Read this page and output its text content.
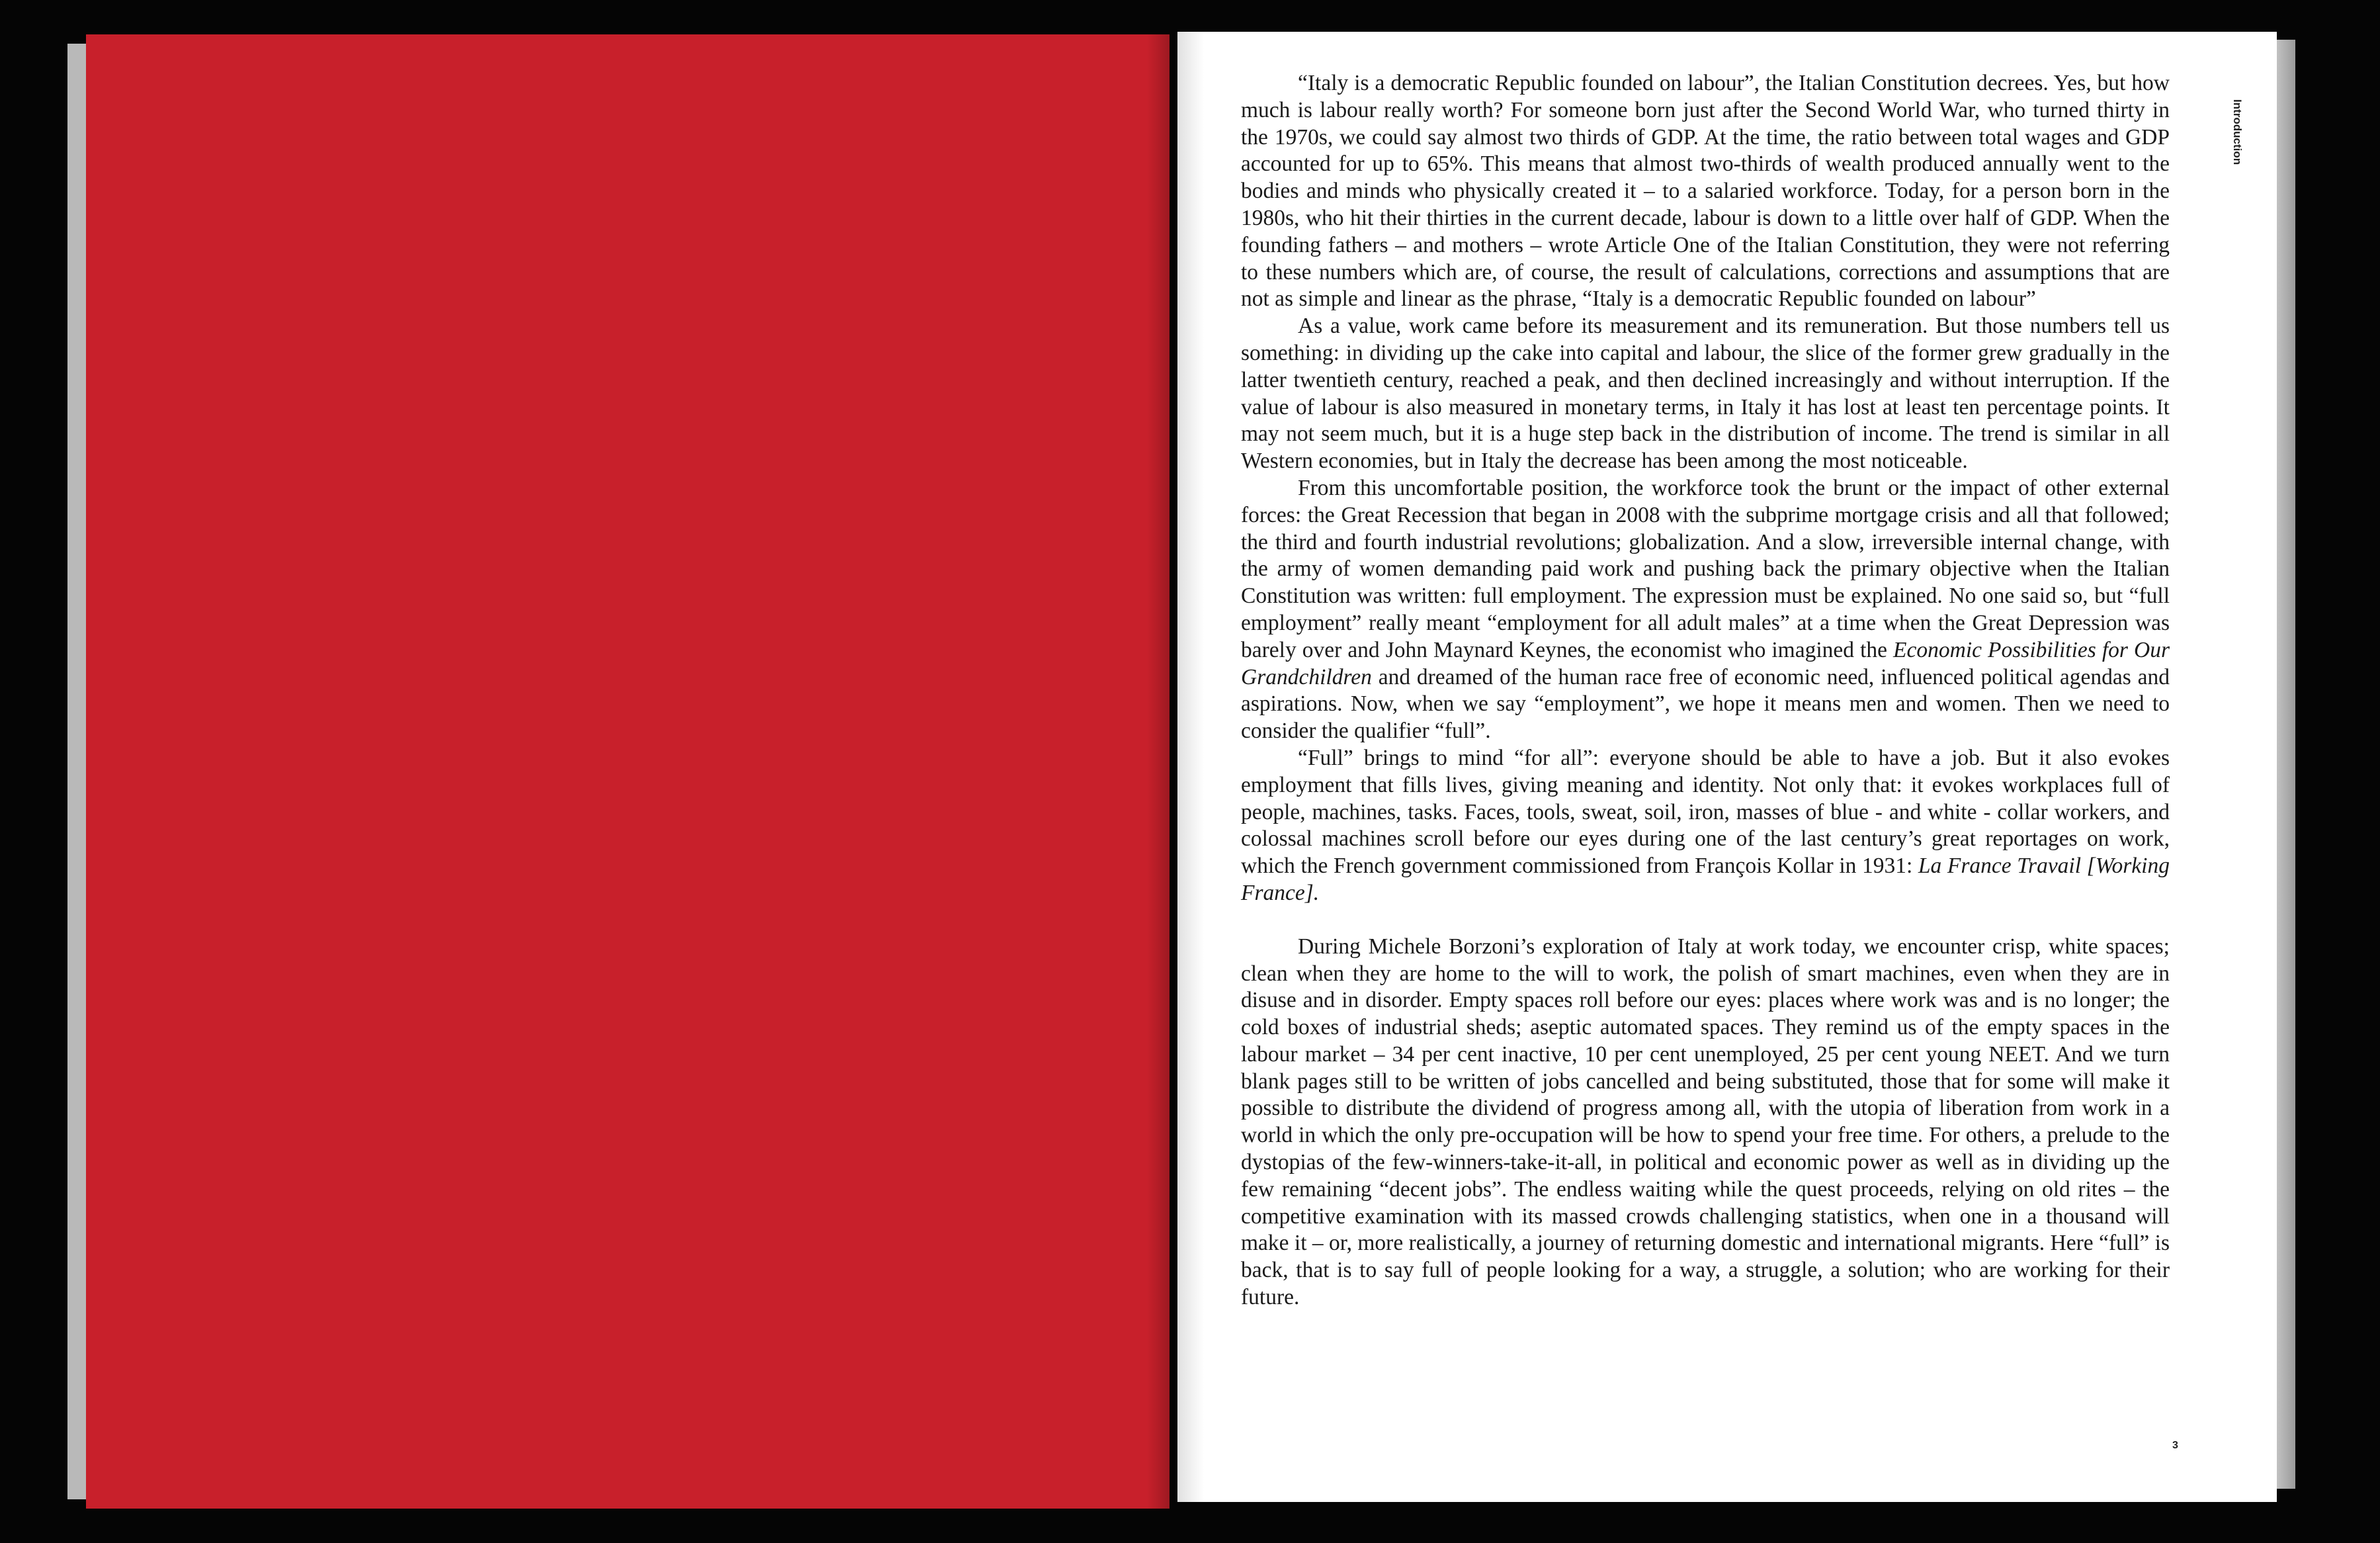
“Italy is a democratic Republic founded on labour”, the Italian Constitution decrees. Yes, but how much is labour really worth? For someone born just after the Second World War, who turned thirty in the 1970s, we could say almost two thirds of GDP. At the time, the ratio between total wages and GDP accounted for up to 65%. This means that almost two-thirds of wealth produced annually went to the bodies and minds who physically created it – to a salaried workforce. Today, for a person born in the 1980s, who hit their thirties in the current decade, labour is down to a little over half of GDP. When the founding fathers – and mothers – wrote Article One of the Italian Constitution, they were not referring to these numbers which are, of course, the result of calculations, corrections and assumptions that are not as simple and linear as the phrase, “Italy is a democratic Republic founded on labour”

As a value, work came before its measurement and its remuneration. But those numbers tell us something: in dividing up the cake into capital and labour, the slice of the former grew gradually in the latter twentieth century, reached a peak, and then declined increasingly and without interruption. If the value of labour is also measured in monetary terms, in Italy it has lost at least ten percentage points. It may not seem much, but it is a huge step back in the distribution of income. The trend is similar in all Western economies, but in Italy the decrease has been among the most noticeable.

From this uncomfortable position, the workforce took the brunt or the impact of other external forces: the Great Recession that began in 2008 with the subprime mortgage crisis and all that followed; the third and fourth industrial revolutions; globalization. And a slow, irreversible internal change, with the army of women demanding paid work and pushing back the primary objective when the Italian Constitution was written: full employment. The expression must be explained. No one said so, but “full employment” really meant “employment for all adult males” at a time when the Great Depression was barely over and John Maynard Keynes, the economist who imagined the Economic Possibilities for Our Grandchildren and dreamed of the human race free of economic need, influenced political agendas and aspirations. Now, when we say “employment”, we hope it means men and women. Then we need to consider the qualifier “full”.

“Full” brings to mind “for all”: everyone should be able to have a job. But it also evokes employment that fills lives, giving meaning and identity. Not only that: it evokes workplaces full of people, machines, tasks. Faces, tools, sweat, soil, iron, masses of blue - and white - collar workers, and colossal machines scroll before our eyes during one of the last century’s great reportages on work, which the French government commissioned from François Kollar in 1931: La France Travail [Working France].

During Michele Borzoni’s exploration of Italy at work today, we encounter crisp, white spaces; clean when they are home to the will to work, the polish of smart machines, even when they are in disuse and in disorder. Empty spaces roll before our eyes: places where work was and is no longer; the cold boxes of industrial sheds; aseptic automated spaces. They remind us of the empty spaces in the labour market – 34 per cent inactive, 10 per cent unemployed, 25 per cent young NEET. And we turn blank pages still to be written of jobs cancelled and being substituted, those that for some will make it possible to distribute the dividend of progress among all, with the utopia of liberation from work in a world in which the only pre-occupation will be how to spend your free time. For others, a prelude to the dystopias of the few-winners-take-it-all, in political and economic power as well as in dividing up the few remaining “decent jobs”. The endless waiting while the quest proceeds, relying on old rites – the competitive examination with its massed crowds challenging statistics, when one in a thousand will make it – or, more realistically, a journey of returning domestic and international migrants. Here “full” is back, that is to say full of people looking for a way, a struggle, a solution; who are working for their future.

Introduction
3
